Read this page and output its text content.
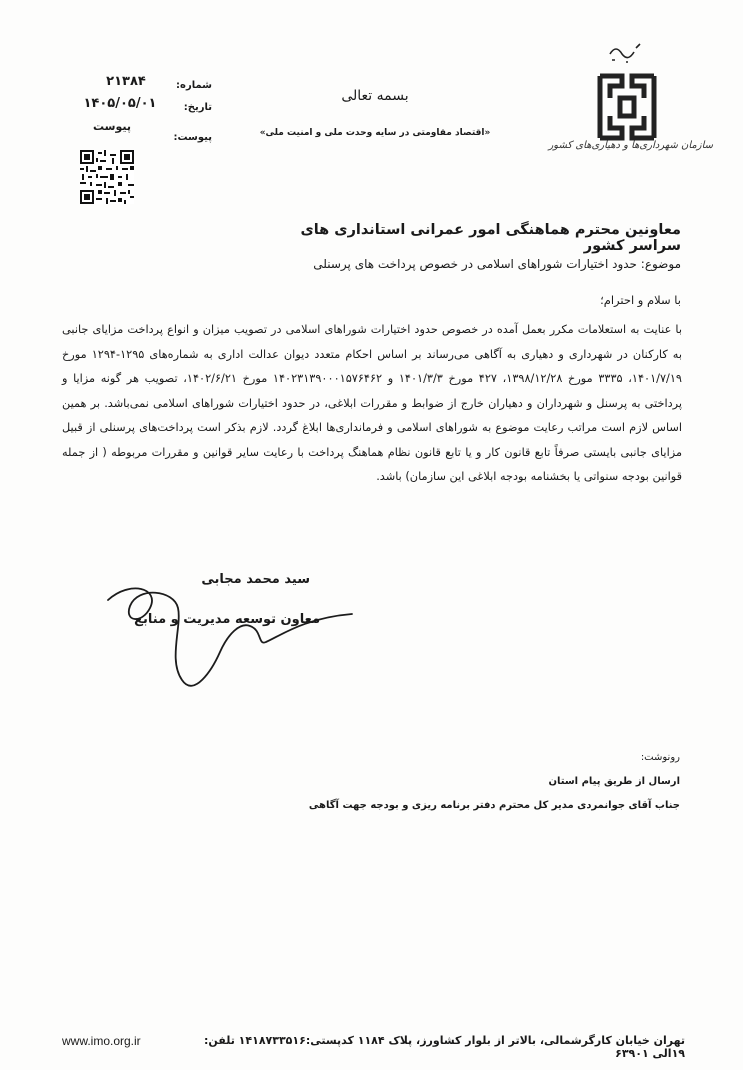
سازمان شهرداری‌ها و دهیاری‌های کشور
بسمه تعالی
«اقتصاد مقاومتی در سایه وحدت ملی و امنیت ملی»
شماره:
۲۱۳۸۴
تاریخ:
۱۴۰۵/۰۵/۰۱
پیوست:
پیوست
معاونین محترم هماهنگی امور عمرانی استانداری های سراسر کشور
موضوع: حدود اختیارات شوراهای اسلامی در خصوص پرداخت های پرسنلی
با سلام و احترام؛
با عنایت به استعلامات مکرر بعمل آمده در خصوص حدود اختیارات شوراهای اسلامی در تصویب میزان و انواع پرداخت مزایای جانبی به کارکنان در شهرداری و دهیاری به آگاهی می‌رساند بر اساس احکام متعدد دیوان عدالت اداری به شماره‌های ۱۲۹۵-۱۲۹۴ مورخ ۱۴۰۱/۷/۱۹، ۳۳۳۵ مورخ ۱۳۹۸/۱۲/۲۸، ۴۲۷ مورخ ۱۴۰۱/۳/۳ و ۱۴۰۲۳۱۳۹۰۰۰۱۵۷۶۴۶۲ مورخ ۱۴۰۲/۶/۲۱، تصویب هر گونه مزایا و پرداختی به پرسنل و شهرداران و دهیاران خارج از ضوابط و مقررات ابلاغی، در حدود اختیارات شوراهای اسلامی نمی‌باشد. بر همین اساس لازم است مراتب رعایت موضوع به شوراهای اسلامی و فرمانداری‌ها ابلاغ گردد. لازم بذکر است پرداخت‌های پرسنلی از قبیل مزایای جانبی بایستی صرفاً تابع قانون کار و یا تابع قانون نظام هماهنگ پرداخت با رعایت سایر قوانین و مقررات مربوطه ( از جمله قوانین بودجه سنواتی یا بخشنامه بودجه ابلاغی این سازمان) باشد.
سید محمد مجابی
معاون توسعه مدیریت و منابع
رونوشت:
ارسال از طریق پیام استان
جناب آقای جوانمردی مدیر کل محترم دفتر برنامه ریزی و بودجه جهت آگاهی
تهران خیابان کارگرشمالی، بالاتر از بلوار کشاورز، پلاک ۱۱۸۴ کدپستی:۱۴۱۸۷۳۳۵۱۶ تلفن: ۱۹الی ۶۳۹۰۱
www.imo.org.ir
